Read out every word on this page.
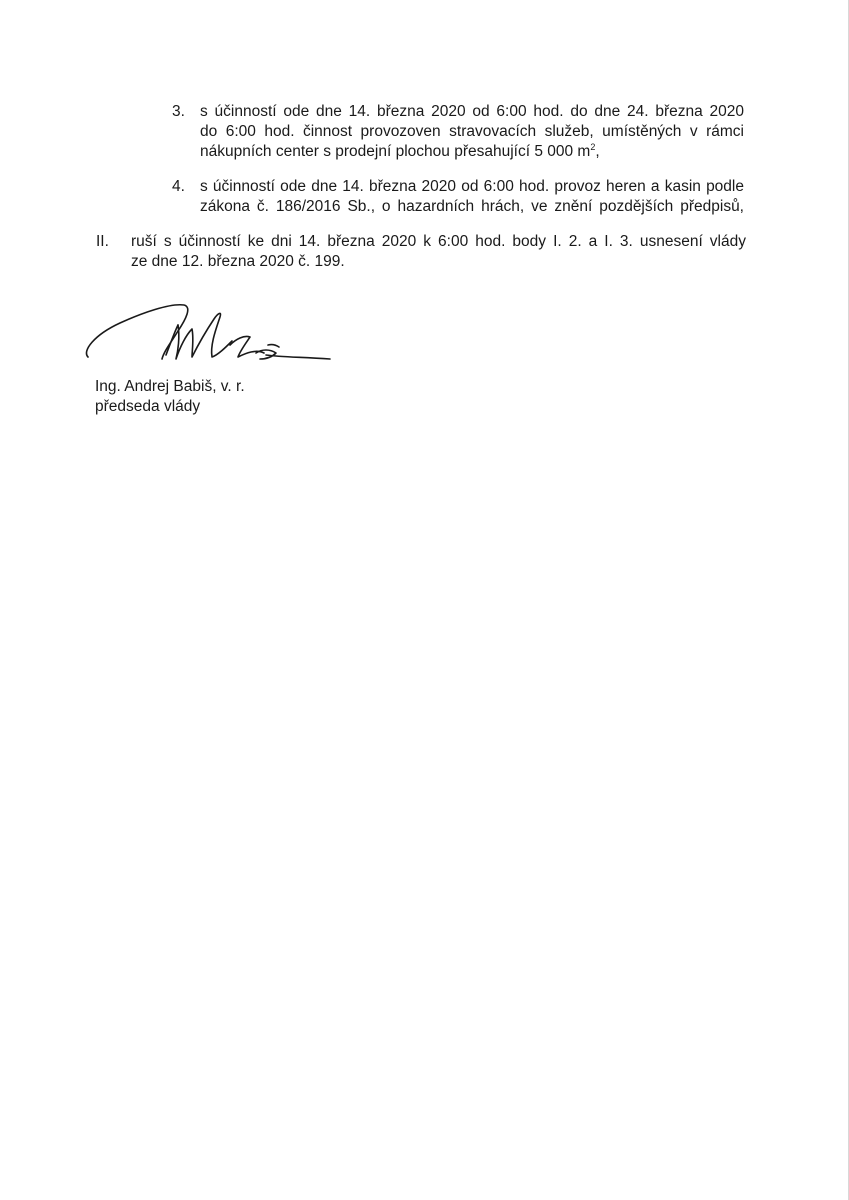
3. s účinností ode dne 14. března 2020 od 6:00 hod. do dne 24. března 2020
do 6:00 hod. činnost provozoven stravovacích služeb, umístěných v rámci
nákupních center s prodejní plochou přesahující 5 000 $m^2$,
4. s účinností ode dne 14. března 2020 od 6:00 hod. provoz heren a kasin podle
zákona č. 186/2016 Sb., o hazardních hrách, ve znění pozdějších předpisů,
II.	ruší s účinností ke dni 14. března 2020 k 6:00 hod. body I. 2. a I. 3. usnesení vlády
ze dne 12. března 2020 č. 199.
Ing. Andrej Babiš, v. r.
předseda vlády
